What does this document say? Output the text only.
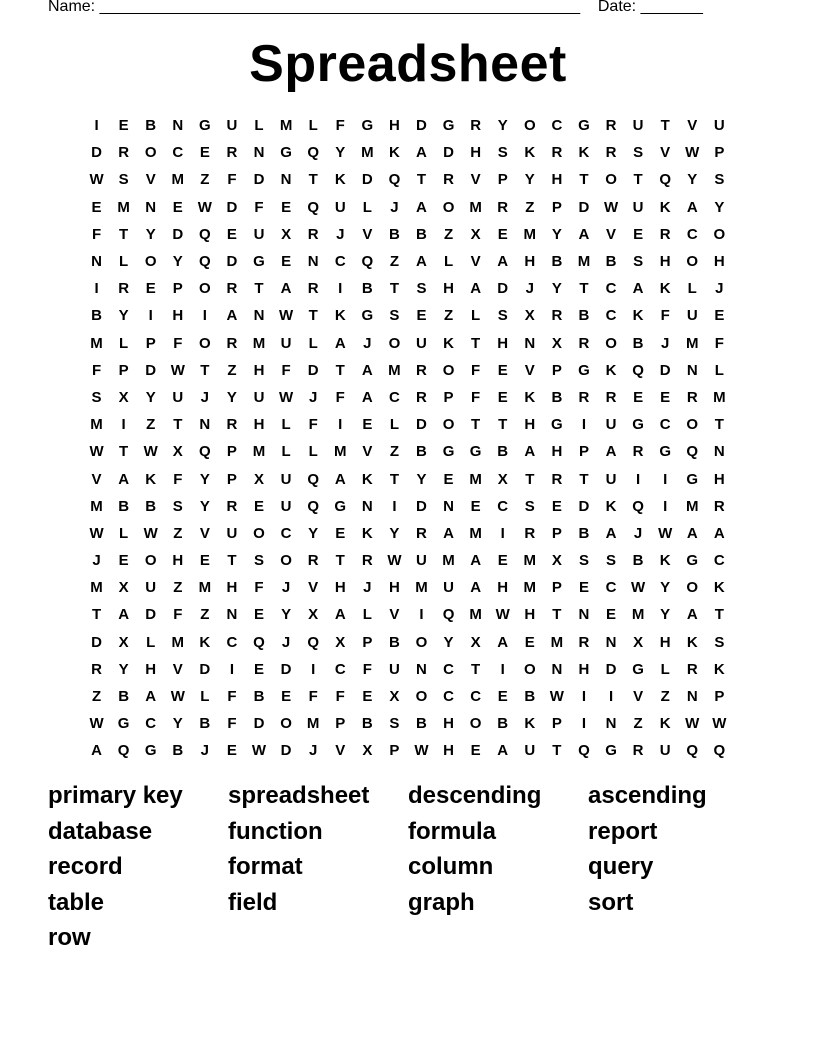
Name: ______________________________________________________ Date: _______
Spreadsheet
I	E	B	N	G	U	L	M	L	F	G	H	D	G	R	Y	O	C	G	R	U	T	V	U
D	R	O	C	E	R	N	G	Q	Y	M	K	A	D	H	S	K	R	K	R	S	V W P
W S	V	M	Z	F	D	N	T	K	D	Q	T	R	V	P	Y	H	T	O	T	Q	Y	S
E	M	N	E W D	F	E	Q	U	L	J	A	O M	R	Z	P	D W U	K	A	Y
F	T	Y	D	Q	E	U	X	R	J	V	B	B	Z	X	E	M	Y	A	V	E	R	C	O
N	L	O	Y	Q	D	G	E	N	C	Q	Z	A	L	V	A	H	B	M	B	S	H	O	H
I	R	E	P	O	R	T	A	R	I	B	T	S	H	A	D	J	Y	T	C	A	K	L	J
B	Y	I	H	I	A	N W	T	K	G	S	E	Z	L	S	X	R	B	C	K	F	U	E
M	L	P	F	O	R	M	U	L	A	J	O	U	K	T	H	N	X	R	O	B	J	M	F
F	P	D W	T	Z	H	F	D	T	A	M	R	O	F	E	V	P	G	K	Q	D	N	L
S	X	Y	U	J	Y	U W	J	F	A	C	R	P	F	E	K	B	R	R	E	E	R	M
M	I	Z	T	N	R	H	L	F	I	E	L	D	O	T	T	H	G	I	U	G	C	O	T
W	T	W X	Q	P	M	L	L	M	V	Z	B	G	G	B	A	H	P	A	R	G	Q	N
V	A	K	F	Y	P	X	U	Q	A	K	T	Y	E	M	X	T	R	T	U	I	I	G	H
M	B	B	S	Y	R	E	U	Q	G	N	I	D	N	E	C	S	E	D	K	Q	I	M	R
W	L	W	Z	V	U	O	C	Y	E	K	Y	R	A	M	I	R	P	B	A	J	W A	A
J	E	O	H	E	T	S	O	R	T	R W U	M	A	E	M	X	S	S	B	K	G	C
M	X	U	Z	M	H	F	J	V	H	J	H	M	U	A	H	M	P	E	C W Y	O	K
T	A	D	F	Z	N	E	Y	X	A	L	V	I	Q M W H	T	N	E	M	Y	A	T
D	X	L	M	K	C	Q	J	Q	X	P	B	O	Y	X	A	E	M	R	N	X	H	K	S
R	Y	H	V	D	I	E	D	I	C	F	U	N	C	T	I	O	N	H	D	G	L	R	K
Z	B	A W	L	F	B	E	F	F	E	X	O	C	C	E	B W	I	I	V	Z	N	P
W G	C	Y	B	F	D	O M	P	B	S	B	H	O	B	K	P	I	N	Z	K W W
A	Q	G	B	J	E W D	J	V	X	P W H	E	A	U	T	Q	G	R	U	Q	Q
primary key	spreadsheet	descending	ascending
database	function	formula	report
record	format	column	query
table	field	graph	sort
row
